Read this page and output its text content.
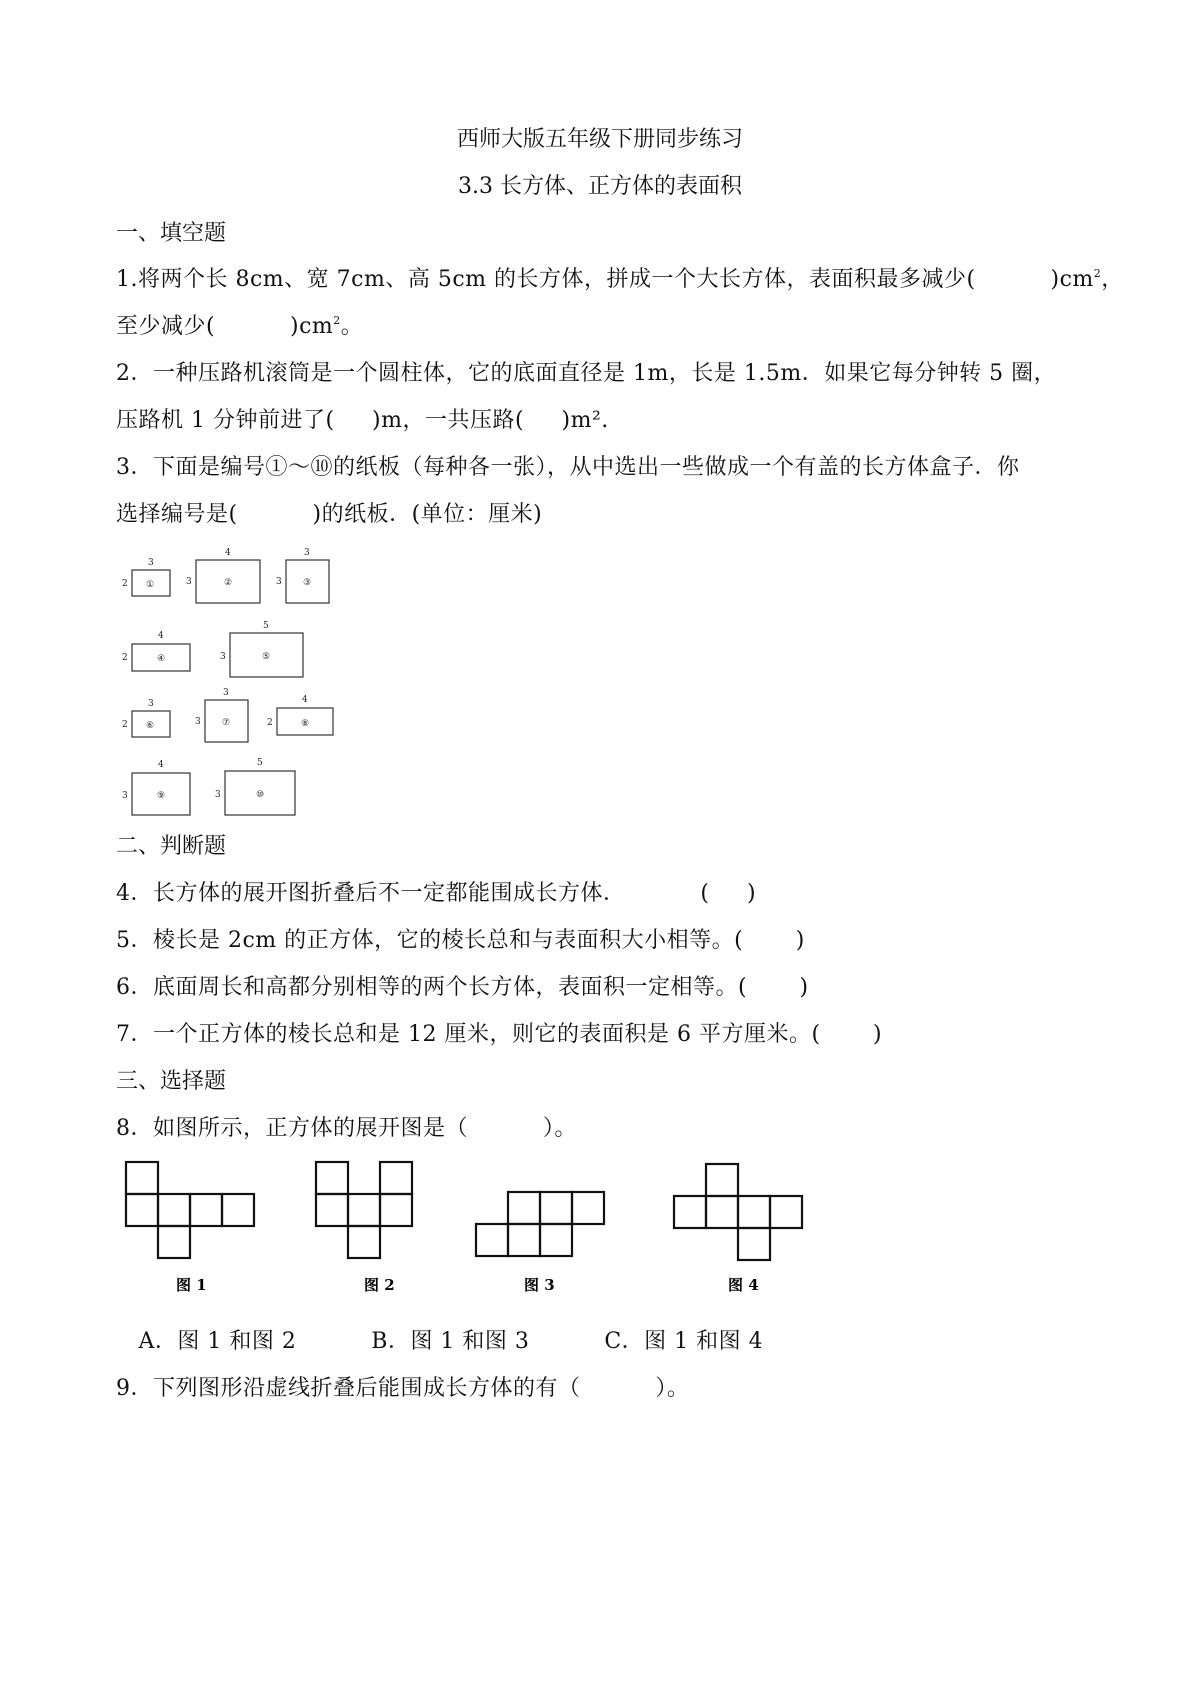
西师大版五年级下册同步练习
3.3 长方体、正方体的表面积
一、填空题
1.将两个长 8cm、宽 7cm、高 5cm 的长方体，拼成一个大长方体，表面积最多减少(          )$cm^2$，
至少减少(          )$cm^2$。
2．一种压路机滚筒是一个圆柱体，它的底面直径是 1m，长是 1.5m．如果它每分钟转 5 圈，
压路机 1 分钟前进了(     )m，一共压路(     )m².
3．下面是编号①～⑩的纸板（每种各一张），从中选出一些做成一个有盖的长方体盒子．你
选择编号是(          )的纸板．(单位：厘米)
3
2 ①
4
3	②
3
3 ③
4
2	④
5
3	⑤
3
2 ⑥
3
3 ⑦
4
2	⑧
4
3	⑨
5
3	⑩
二、判断题
4．长方体的展开图折叠后不一定都能围成长方体．          (     )
5．棱长是 2cm 的正方体，它的棱长总和与表面积大小相等。(       )
6．底面周长和高都分别相等的两个长方体，表面积一定相等。(       )
7．一个正方体的棱长总和是 12 厘米，则它的表面积是 6 平方厘米。(       )
三、选择题
8．如图所示，正方体的展开图是（          ）。
图 1	图 2	图 3	图 4
A．图 1 和图 2          B．图 1 和图 3          C．图 1 和图 4
9．下列图形沿虚线折叠后能围成长方体的有（          ）。
